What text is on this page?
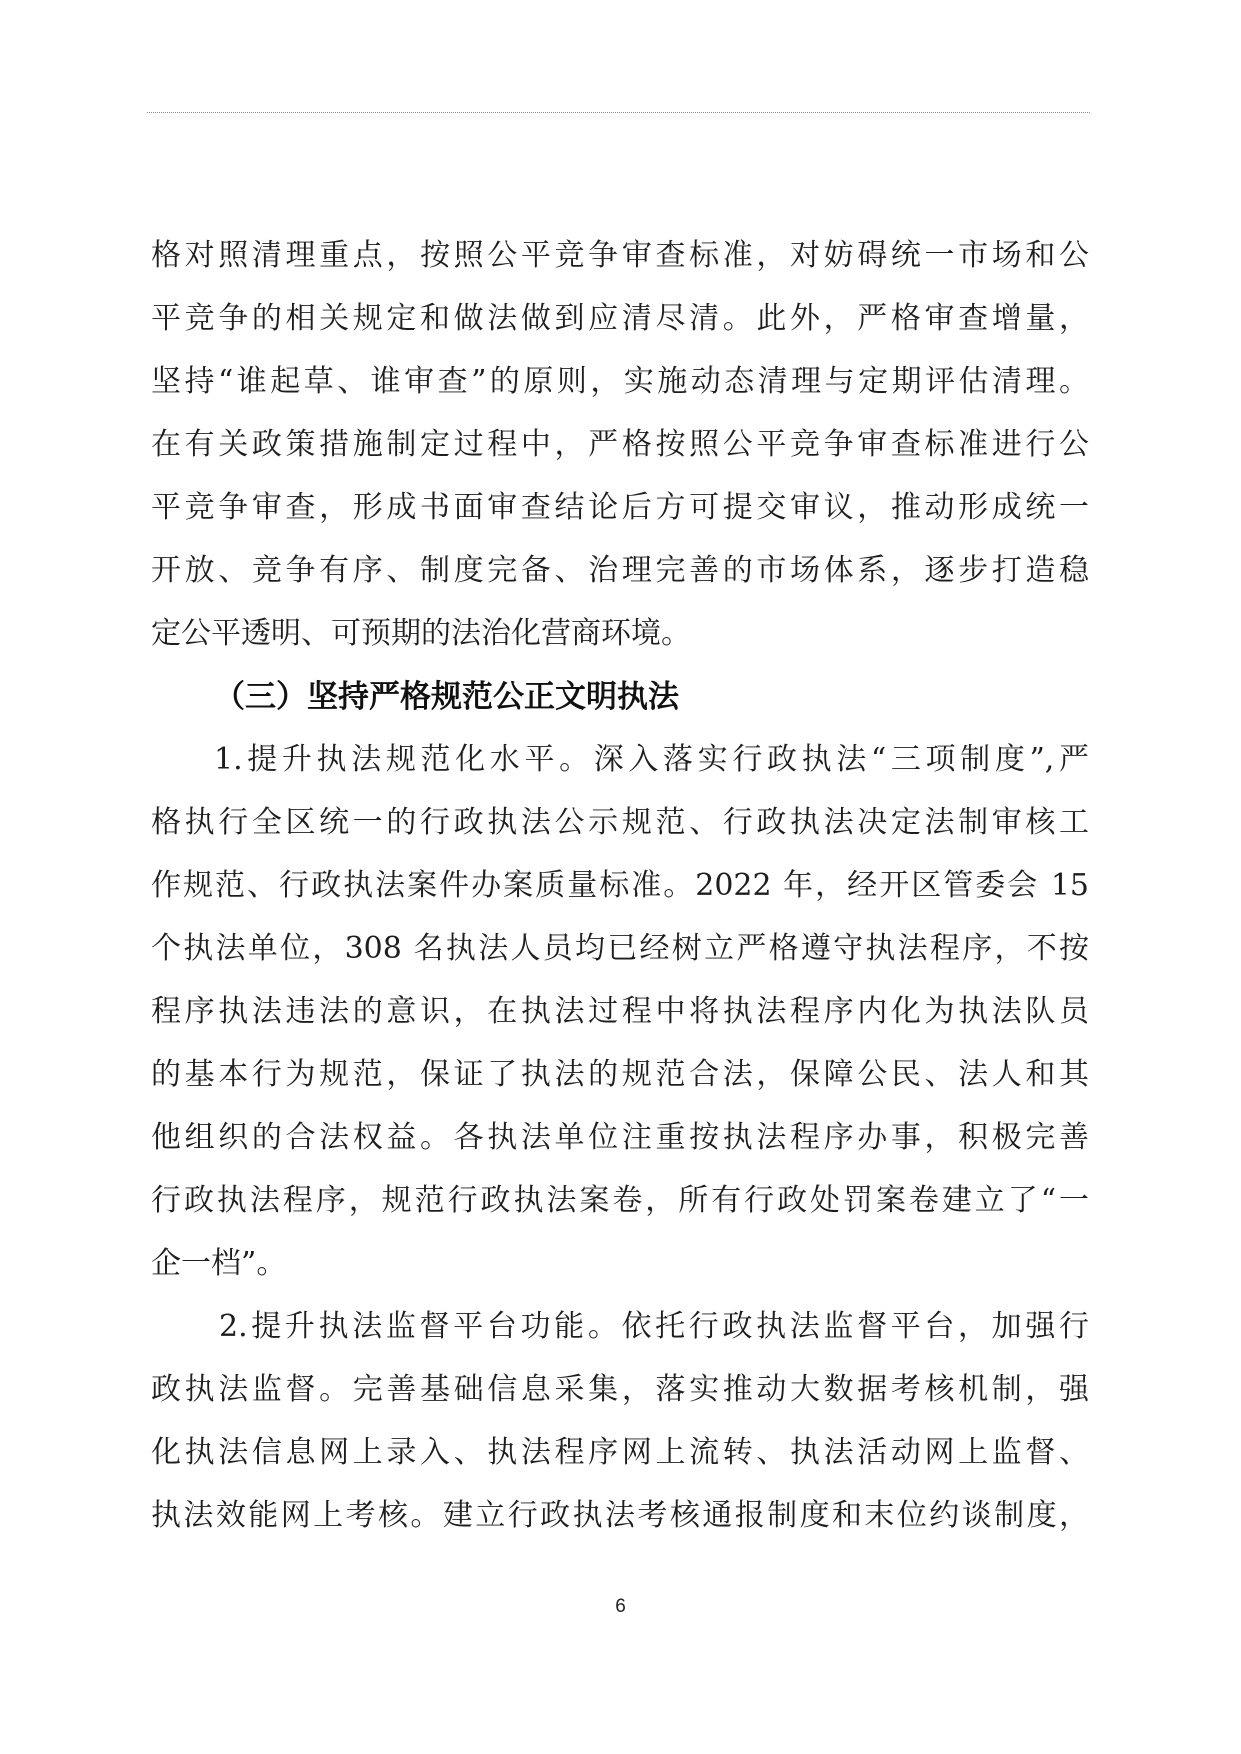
格对照清理重点，按照公平竞争审查标准，对妨碍统一市场和公
平竞争的相关规定和做法做到应清尽清。此外，严格审查增量，
坚持“谁起草、谁审查”的原则，实施动态清理与定期评估清理。
在有关政策措施制定过程中，严格按照公平竞争审查标准进行公
平竞争审查，形成书面审查结论后方可提交审议，推动形成统一
开放、竞争有序、制度完备、治理完善的市场体系，逐步打造稳
定公平透明、可预期的法治化营商环境。
（三）坚持严格规范公正文明执法
1.提升执法规范化水平。深入落实行政执法“三项制度”,严
格执行全区统一的行政执法公示规范、行政执法决定法制审核工
作规范、行政执法案件办案质量标准。2022 年，经开区管委会 15
个执法单位，308 名执法人员均已经树立严格遵守执法程序，不按
程序执法违法的意识，在执法过程中将执法程序内化为执法队员
的基本行为规范，保证了执法的规范合法，保障公民、法人和其
他组织的合法权益。各执法单位注重按执法程序办事，积极完善
行政执法程序，规范行政执法案卷，所有行政处罚案卷建立了“一
企一档”。
2.提升执法监督平台功能。依托行政执法监督平台，加强行
政执法监督。完善基础信息采集，落实推动大数据考核机制，强
化执法信息网上录入、执法程序网上流转、执法活动网上监督、
执法效能网上考核。建立行政执法考核通报制度和末位约谈制度，
6
